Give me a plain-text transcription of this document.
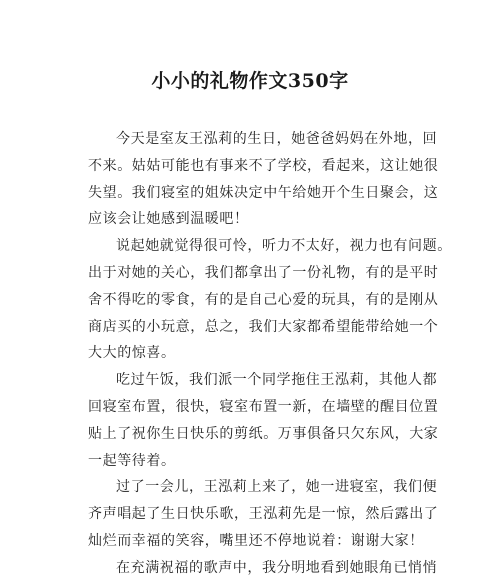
小小的礼物作文350字
今天是室友王泓莉的生日，她爸爸妈妈在外地，回
不来。姑姑可能也有事来不了学校，看起来，这让她很
失望。我们寝室的姐妹决定中午给她开个生日聚会，这
应该会让她感到温暖吧！
说起她就觉得很可怜，听力不太好，视力也有问题。
出于对她的关心，我们都拿出了一份礼物，有的是平时
舍不得吃的零食，有的是自己心爱的玩具，有的是刚从
商店买的小玩意，总之，我们大家都希望能带给她一个
大大的惊喜。
吃过午饭，我们派一个同学拖住王泓莉，其他人都
回寝室布置，很快，寝室布置一新，在墙壁的醒目位置
贴上了祝你生日快乐的剪纸。万事俱备只欠东风，大家
一起等待着。
过了一会儿，王泓莉上来了，她一进寝室，我们便
齐声唱起了生日快乐歌，王泓莉先是一惊，然后露出了
灿烂而幸福的笑容，嘴里还不停地说着：谢谢大家！
在充满祝福的歌声中，我分明地看到她眼角已悄悄
